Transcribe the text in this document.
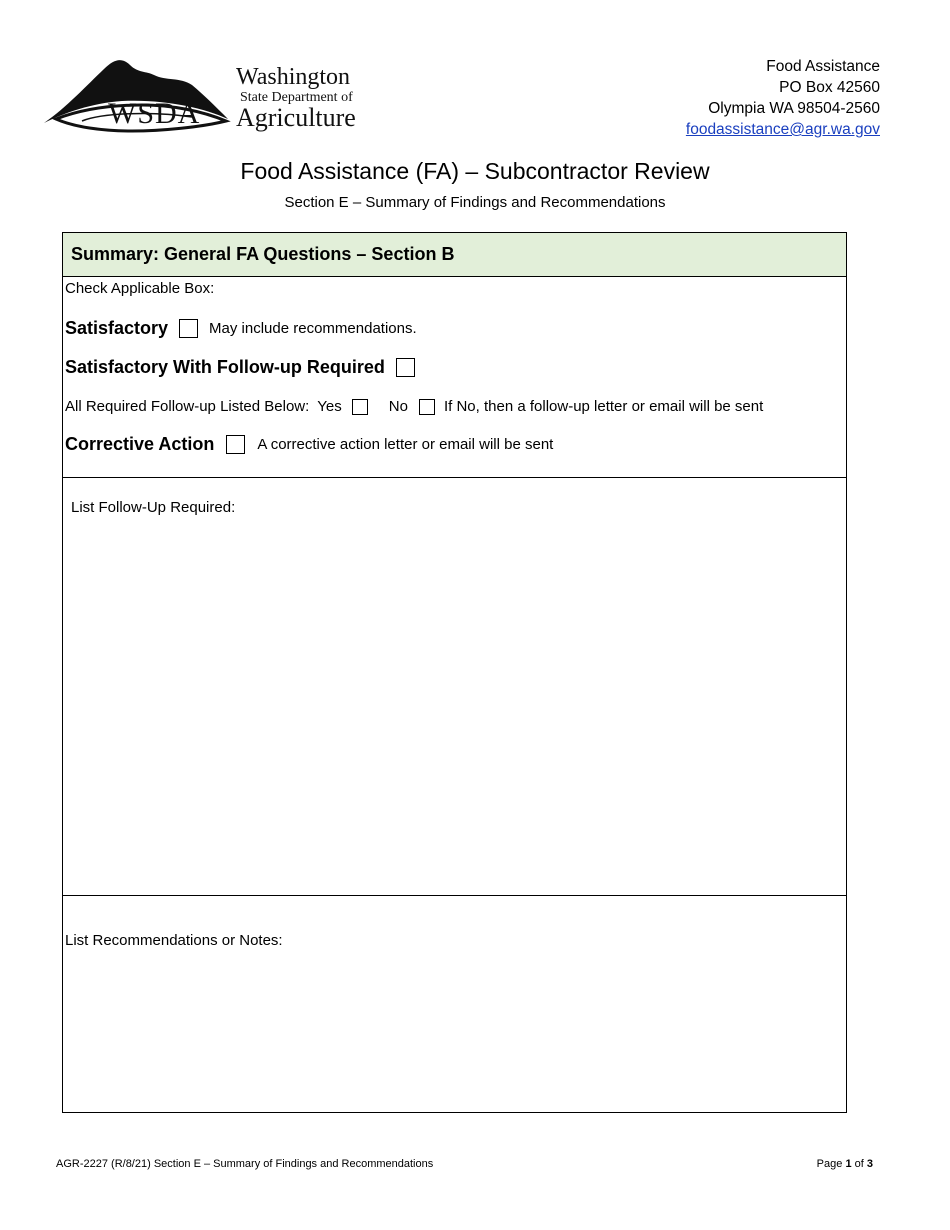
WSDA
Washington
State Department of
Agriculture
Food Assistance
PO Box 42560
Olympia WA 98504-2560
foodassistance@agr.wa.gov
Food Assistance (FA) – Subcontractor Review
Section E – Summary of Findings and Recommendations
Summary: General FA Questions – Section B
Check Applicable Box:
Satisfactory	May include recommendations.
Satisfactory With Follow-up Required
All Required Follow-up Listed Below: Yes	No If No, then a follow-up letter or email will be sent
Corrective Action	A corrective action letter or email will be sent
List Follow-Up Required:
List Recommendations or Notes:
AGR-2227 (R/8/21) Section E – Summary of Findings and Recommendations	Page 1 of 3
